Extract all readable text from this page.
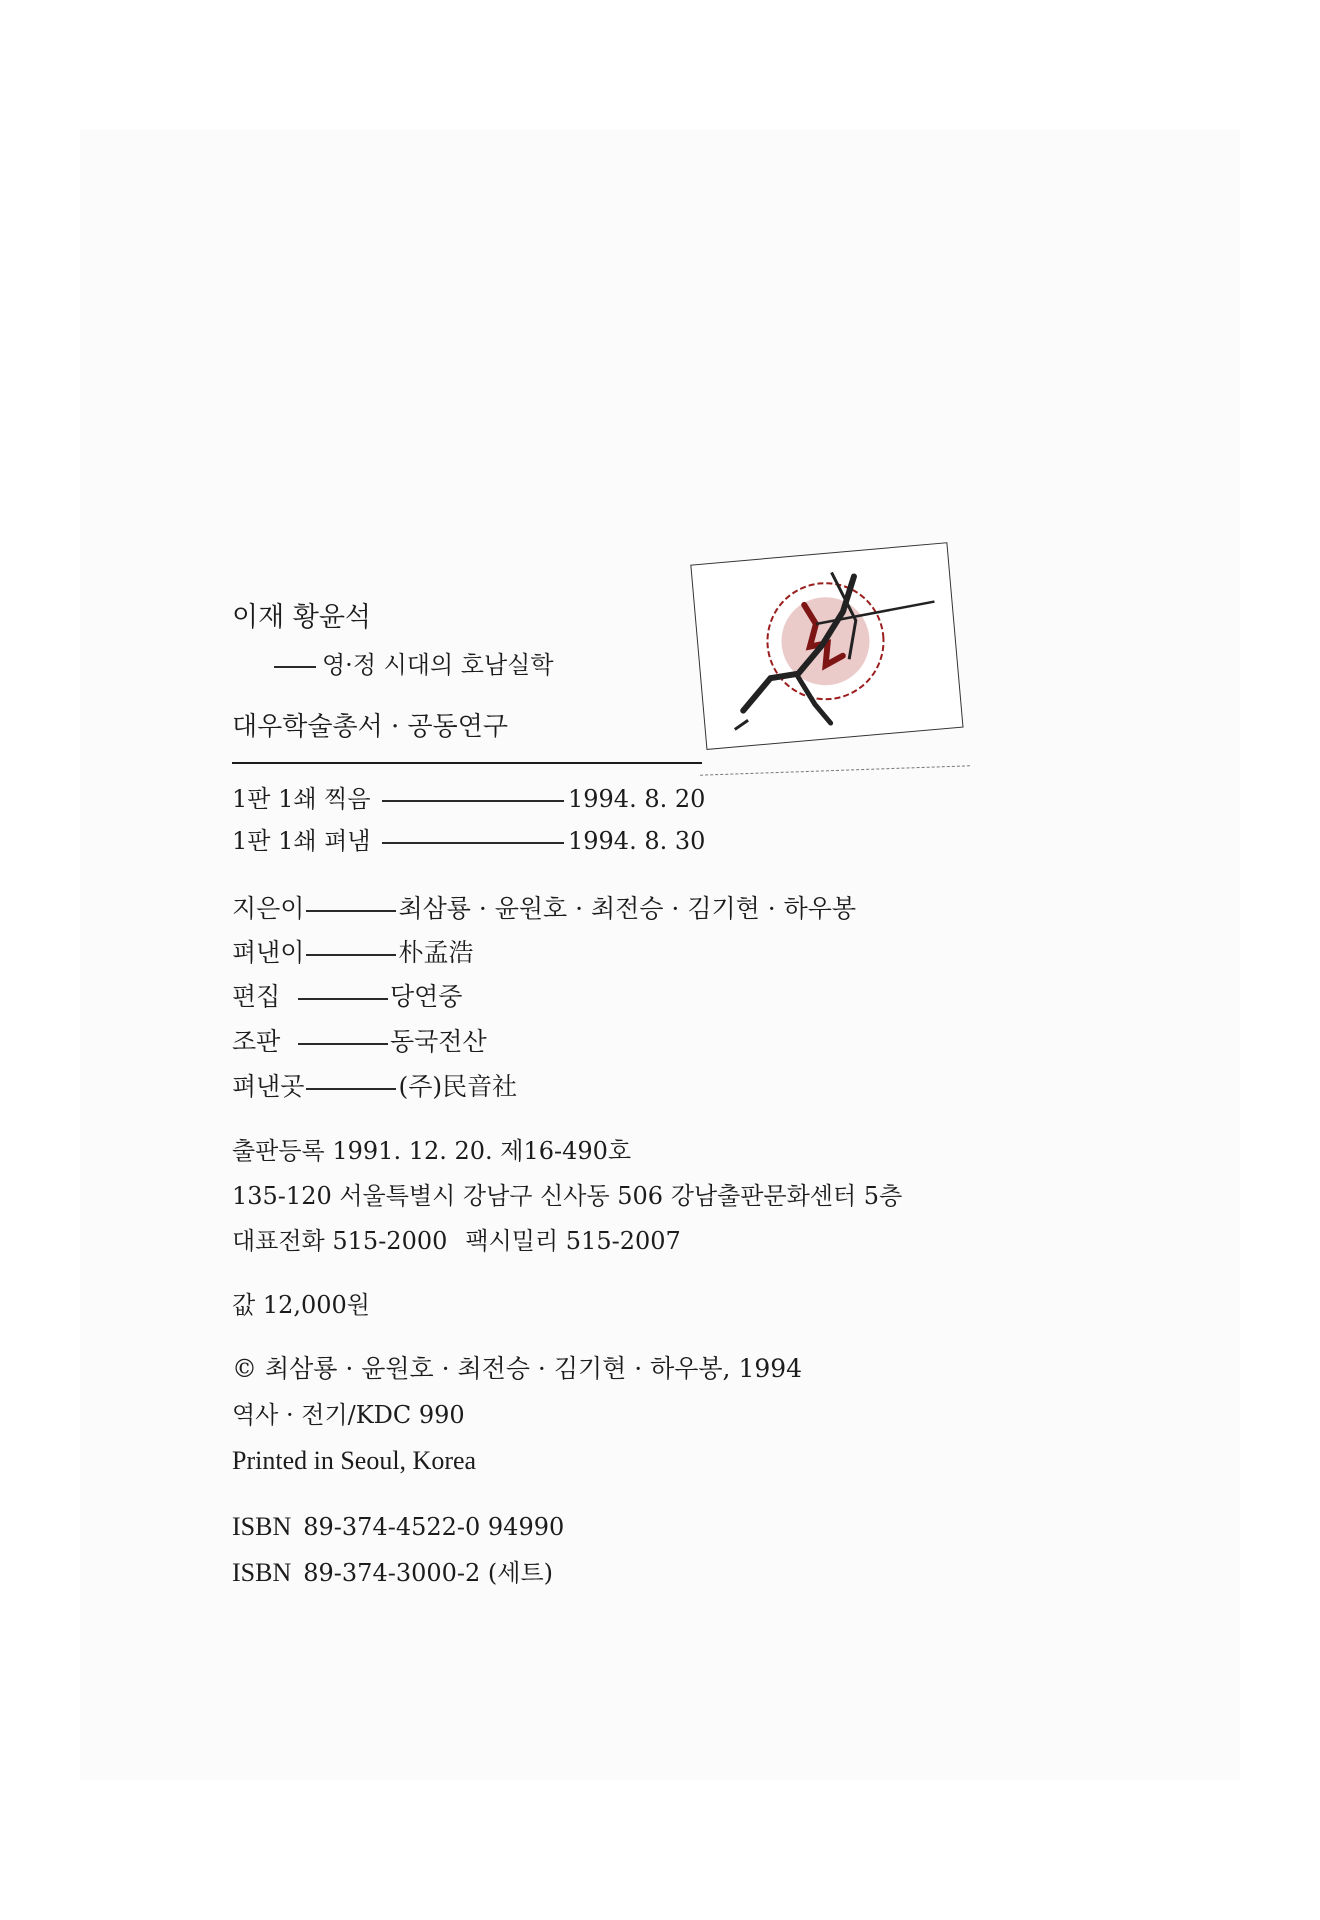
이재 황윤석
영·정 시대의 호남실학
대우학술총서 · 공동연구
1판 1쇄 찍음	1994. 8. 20
1판 1쇄 펴냄	1994. 8. 30
지은이	최삼룡 · 윤원호 · 최전승 · 김기현 · 하우봉
펴낸이	朴孟浩
편집	당연중
조판	동국전산
펴낸곳	(주)民音社
출판등록 1991. 12. 20. 제16-490호
135-120 서울특별시 강남구 신사동 506 강남출판문화센터 5층
대표전화 515-2000 팩시밀리 515-2007
값 12,000원
© 최삼룡 · 윤원호 · 최전승 · 김기현 · 하우봉, 1994
역사 · 전기/KDC 990
Printed in Seoul, Korea
ISBN 89-374-4522-0 94990
ISBN 89-374-3000-2 (세트)
